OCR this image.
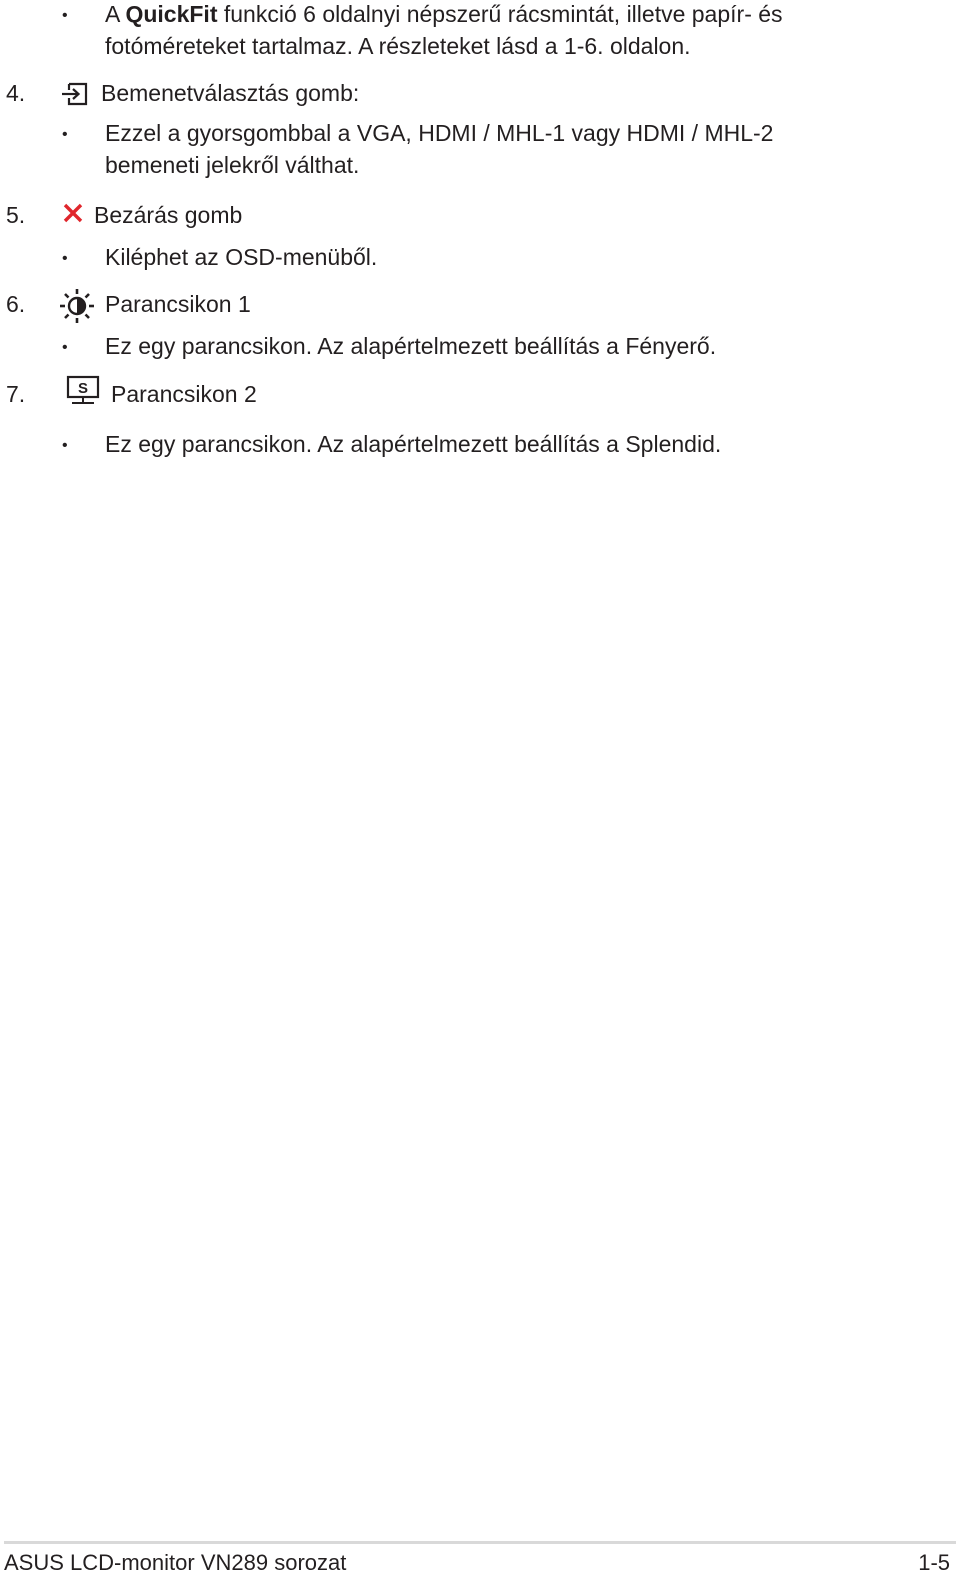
• A QuickFit funkció 6 oldalnyi népszerű rácsmintát, illetve papír- és
fotóméreteket tartalmaz. A részleteket lásd a 1-6. oldalon.
4.	Bemenetválasztás gomb:
• Ezzel a gyorsgombbal a VGA, HDMI / MHL-1 vagy HDMI / MHL-2
bemeneti jelekről válthat.
5.	Bezárás gomb
• Kiléphet az OSD-menüből.
6.	Parancsikon 1
• Ez egy parancsikon. Az alapértelmezett beállítás a Fényerő.
7.	S Parancsikon 2
• Ez egy parancsikon. Az alapértelmezett beállítás a Splendid.
ASUS LCD-monitor VN289 sorozat	1-5
